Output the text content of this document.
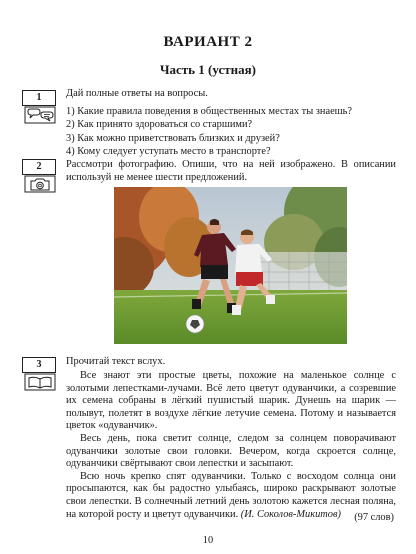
ВАРИАНТ 2
Часть 1 (устная)
1	Дай полные ответы на вопросы.

1) Какие правила поведения в общественных местах ты знаешь?

2) Как принято здороваться со старшими?

3) Как можно приветствовать близких и друзей?

4) Кому следует уступать место в транспорте?

2	Рассмотри фотографию. Опиши, что на ней изображено. В описании используй не менее шести предложений.

3	Прочитай текст вслух.

Все знают эти простые цветы, похожие на маленькое солнце с золотыми лепестками-лучами. Всё лето цветут одуванчики, а созревшие их семена собраны в лёгкий пушистый шарик. Дунешь на шарик — полывут, полетят в воздухе лёгкие летучие семена. Потому и называется цветок «одуванчик».

Весь день, пока светит солнце, следом за солнцем поворачивают одуванчики золотые свои головки. Вечером, когда скроется солнце, одуванчики свёртывают свои лепестки и засыпают.

Всю ночь крепко спят одуванчики. Только с восходом солнца они просыпаются, как бы радостно улыбаясь, широко раскрывают золотые свои лепестки. В солнечный летний день золотою кажется лесная поляна, на которой росту и цветут одуванчики. (И. Соколов-Микитов)	(97 слов)
10
